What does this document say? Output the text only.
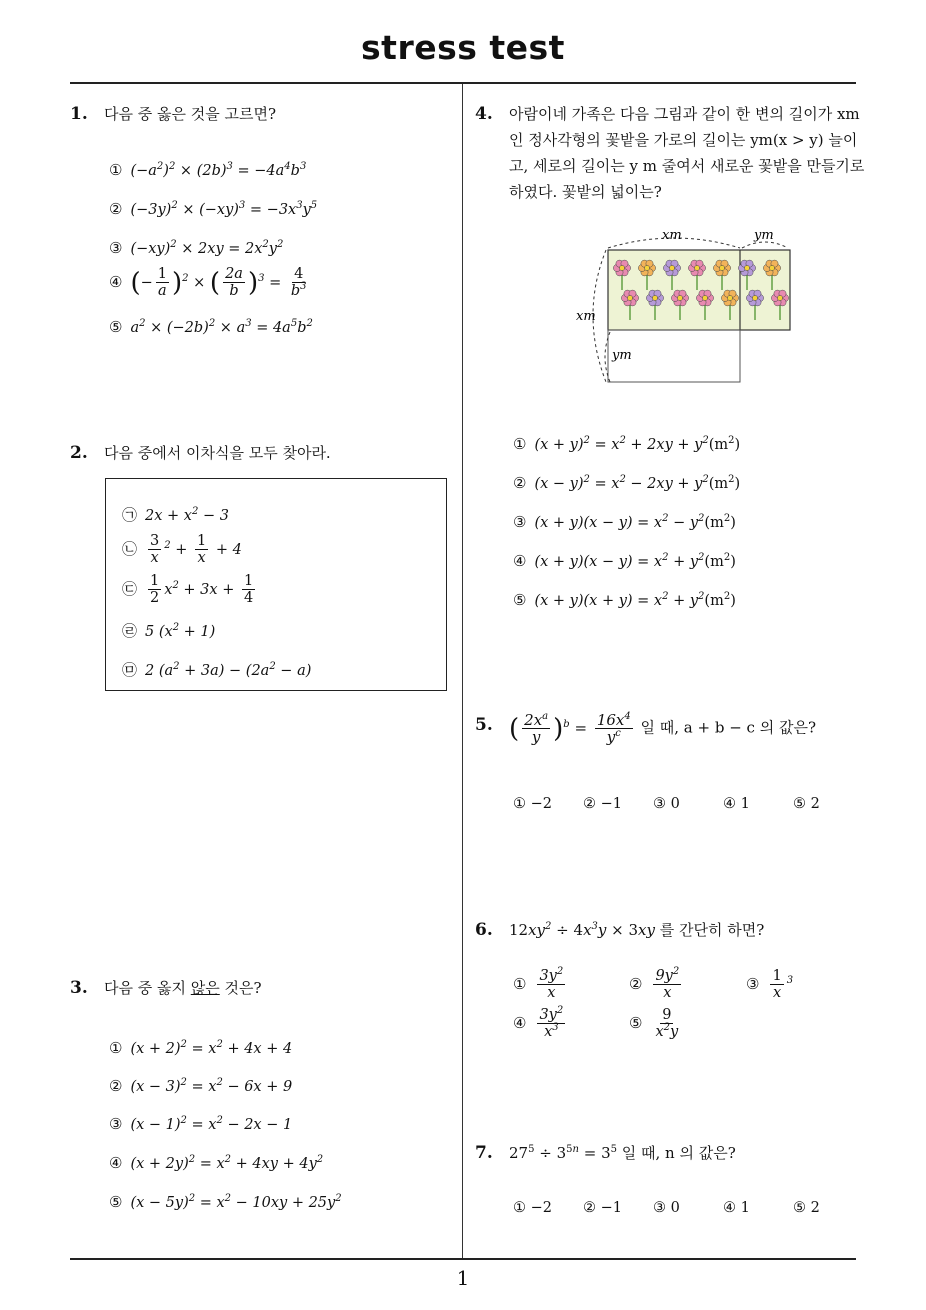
stress test
1
1.	다음 중 옳은 것을 고르면?
① $(-a^2)^2 \times (2b)^3 = -4a^4b^3$
② $(-3y)^2 \times (-xy)^3 = -3x^3y^5$
③ $(-xy)^2 \times 2xy = 2x^2y^2$
④ (− $\frac{1}{a} )^2$ × ( $\frac{2a}{b} )^3 = \frac{4}{b^3}$
⑤ $a^2 \times (-2b)^2 \times a^3 = 4a^5b^2$
2.	다음 중에서 이차식을 모두 찾아라.
㉠ $2x + x^2 - 3$
㉡ $\frac{3}{x} ^2 + \frac{1}{x} + 4$
㉢ $\frac{1}{2} x^2 + 3x + \frac{1}{4}$
㉣ 5 $(x^2 + 1)$
㉤ 2 $(a^2 + 3a) - (2a^2 - a)$
3.	다음 중 옳지 않은 것은?
① $(x + 2)^2 = x^2 + 4x + 4$
② $(x - 3)^2 = x^2 - 6x + 9$
③ $(x - 1)^2 = x^2 - 2x - 1$
④ $(x + 2y)^2 = x^2 + 4xy + 4y^2$
⑤ $(x - 5y)^2 = x^2 - 10xy + 25y^2$
4.	아람이네 가족은 다음 그림과 같이 한 변의 길이가 xm
인 정사각형의 꽃밭을 가로의 길이는 ym(x > y) 늘이
고, 세로의 길이는 y m 줄여서 새로운 꽃밭을 만들기로
하였다. 꽃밭의 넓이는?
xm	ym
xm
ym
① $(x + y)^2 = x^2 + 2xy + y^2(m^2)$
② $(x - y)^2 = x^2 - 2xy + y^2(m^2)$
③ $(x + y)(x - y) = x^2 - y^2(m^2)$
④ $(x + y)(x - y) = x^2 + y^2(m^2)$
⑤ $(x + y)(x + y) = x^2 + y^2(m^2)$
5. ( $\frac{2x^a}{y} )^b = \frac{16x^4}{y^c}$ 일 때, a + b − c 의 값은?
① −2 ② −1 ③ 0	④ 1	⑤ 2
6.	$12xy^2 \div 4x^3y \times 3xy$ 를 간단히 하면?
① $\frac{3y^2}{x}$	② $\frac{9y^2}{x}$	③ $\frac{1}{x} ^3$
④ $\frac{3y^2}{x^3}$	⑤ $\frac{9}{x^2y}$
7.	$27^5 \div 3^{5n} = 3^5$ 일 때, n 의 값은?
① −2 ② −1 ③ 0	④ 1	⑤ 2
